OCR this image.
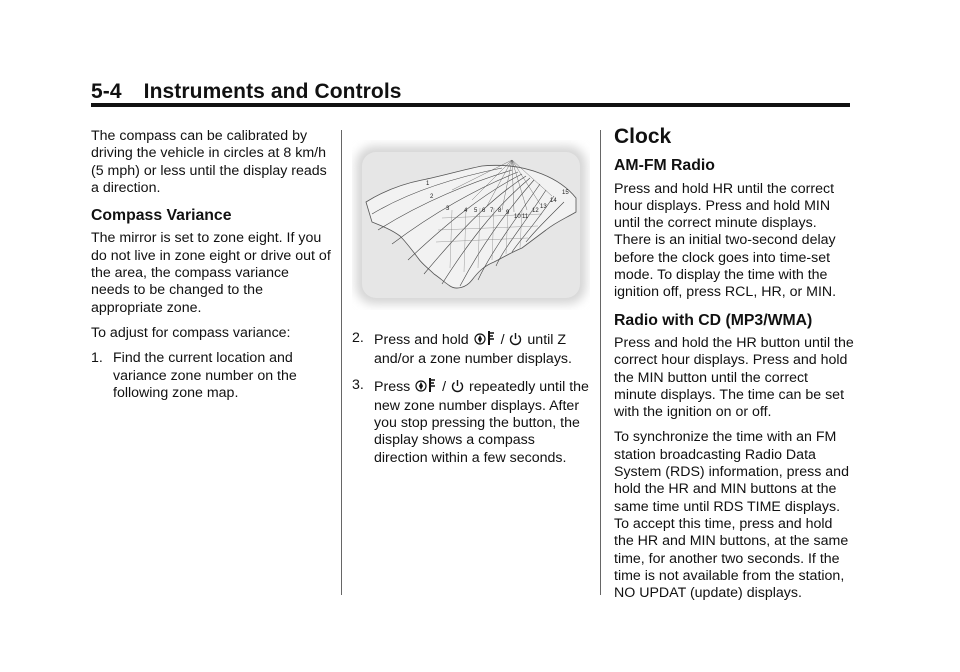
5-4 Instruments and Controls

The compass can be calibrated by driving the vehicle in circles at 8 km/h (5 mph) or less until the display reads a direction.

Compass Variance

The mirror is set to zone eight. If you do not live in zone eight or drive out of the area, the compass variance needs to be changed to the appropriate zone.

To adjust for compass variance:

1. Find the current location and variance zone number on the following zone map.
1
2
3 4 5 6 7 8 9
10 11
12
13
14
15
2. Press and hold / until Z and/or a zone number displays.
3. Press / repeatedly until the new zone number displays. After you stop pressing the button, the display shows a compass direction within a few seconds.
Clock
AM-FM Radio

Press and hold HR until the correct hour displays. Press and hold MIN until the correct minute displays. There is an initial two-second delay before the clock goes into time-set mode. To display the time with the ignition off, press RCL, HR, or MIN.

Radio with CD (MP3/WMA)

Press and hold the HR button until the correct hour displays. Press and hold the MIN button until the correct minute displays. The time can be set with the ignition on or off.

To synchronize the time with an FM station broadcasting Radio Data System (RDS) information, press and hold the HR and MIN buttons at the same time until RDS TIME displays. To accept this time, press and hold the HR and MIN buttons, at the same time, for another two seconds. If the time is not available from the station, NO UPDAT (update) displays.
